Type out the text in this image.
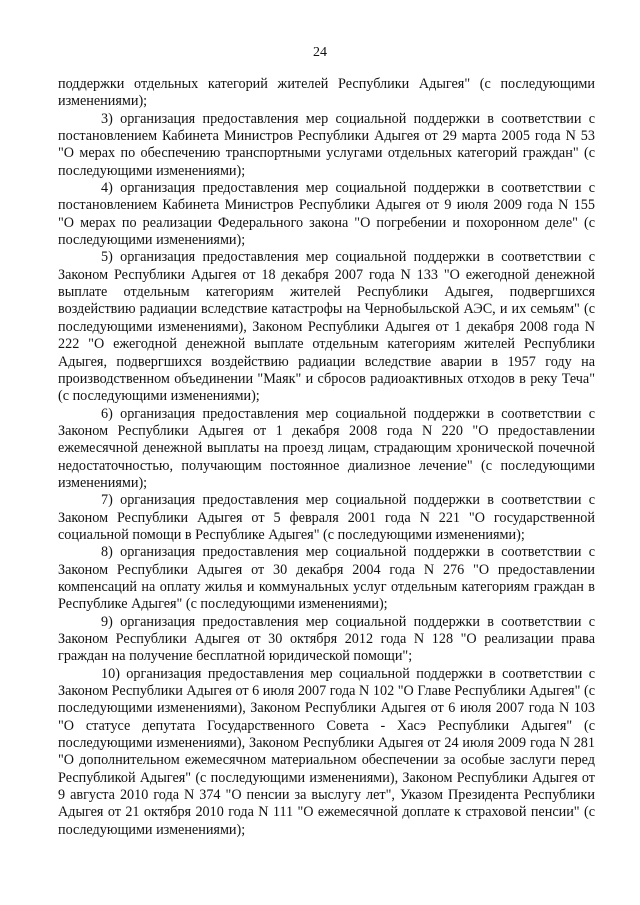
24

поддержки отдельных категорий жителей Республики Адыгея" (с последующими изменениями);

3) организация предоставления мер социальной поддержки в соответствии с постановлением Кабинета Министров Республики Адыгея от 29 марта 2005 года N 53 "О мерах по обеспечению транспортными услугами отдельных категорий граждан" (с последующими изменениями);

4) организация предоставления мер социальной поддержки в соответствии с постановлением Кабинета Министров Республики Адыгея от 9 июля 2009 года N 155 "О мерах по реализации Федерального закона "О погребении и похоронном деле" (с последующими изменениями);

5) организация предоставления мер социальной поддержки в соответствии с Законом Республики Адыгея от 18 декабря 2007 года N 133 "О ежегодной денежной выплате отдельным категориям жителей Республики Адыгея, подвергшихся воздействию радиации вследствие катастрофы на Чернобыльской АЭС, и их семьям" (с последующими изменениями), Законом Республики Адыгея от 1 декабря 2008 года N 222 "О ежегодной денежной выплате отдельным категориям жителей Республики Адыгея, подвергшихся воздействию радиации вследствие аварии в 1957 году на производственном объединении "Маяк" и сбросов радиоактивных отходов в реку Теча" (с последующими изменениями);

6) организация предоставления мер социальной поддержки в соответствии с Законом Республики Адыгея от 1 декабря 2008 года N 220 "О предоставлении ежемесячной денежной выплаты на проезд лицам, страдающим хронической почечной недостаточностью, получающим постоянное диализное лечение" (с последующими изменениями);

7) организация предоставления мер социальной поддержки в соответствии с Законом Республики Адыгея от 5 февраля 2001 года N 221 "О государственной социальной помощи в Республике Адыгея" (с последующими изменениями);

8) организация предоставления мер социальной поддержки в соответствии с Законом Республики Адыгея от 30 декабря 2004 года N 276 "О предоставлении компенсаций на оплату жилья и коммунальных услуг отдельным категориям граждан в Республике Адыгея" (с последующими изменениями);

9) организация предоставления мер социальной поддержки в соответствии с Законом Республики Адыгея от 30 октября 2012 года N 128 "О реализации права граждан на получение бесплатной юридической помощи";

10) организация предоставления мер социальной поддержки в соответствии с Законом Республики Адыгея от 6 июля 2007 года N 102 "О Главе Республики Адыгея" (с последующими изменениями), Законом Республики Адыгея от 6 июля 2007 года N 103 "О статусе депутата Государственного Совета - Хасэ Республики Адыгея" (с последующими изменениями), Законом Республики Адыгея от 24 июля 2009 года N 281 "О дополнительном ежемесячном материальном обеспечении за особые заслуги перед Республикой Адыгея" (с последующими изменениями), Законом Республики Адыгея от 9 августа 2010 года N 374 "О пенсии за выслугу лет", Указом Президента Республики Адыгея от 21 октября 2010 года N 111 "О ежемесячной доплате к страховой пенсии" (с последующими изменениями);
